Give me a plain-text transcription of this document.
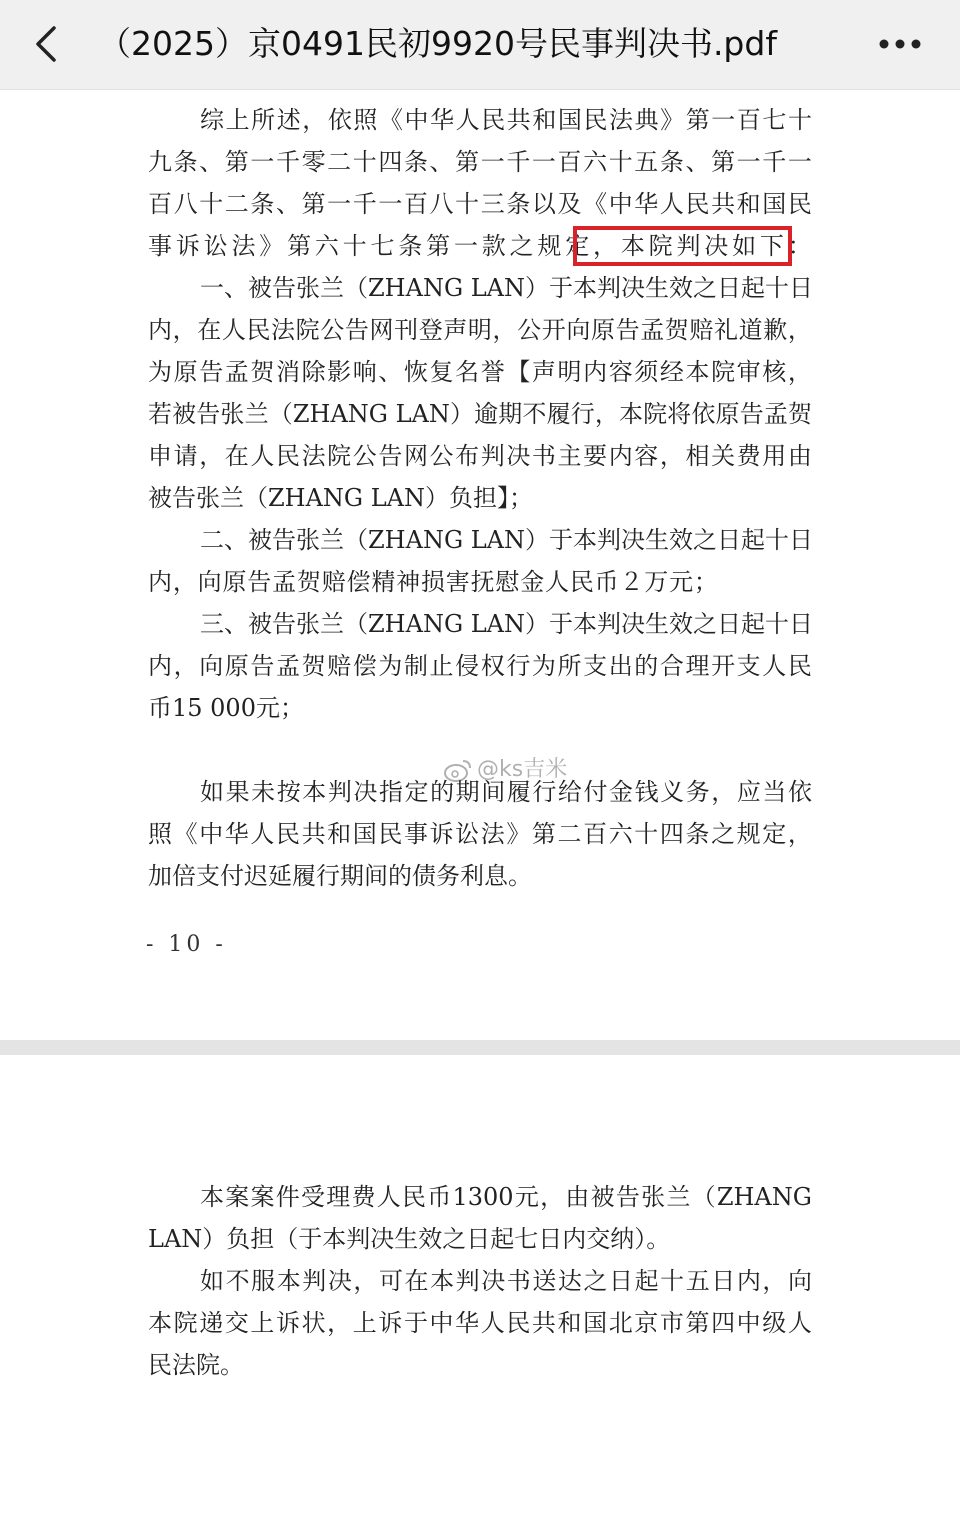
（2025）京0491民初9920号民事判决书.pdf
综 上 所 述 ， 依 照 《 中 华 人 民 共 和 国 民 法 典 》 第 一 百 七 十
九 条 、 第 一 千 零 二 十 四 条 、 第 一 千 一 百 六 十 五 条 、 第 一 千 一
百 八 十 二 条 、 第 一 千 一 百 八 十 三 条 以 及 《 中 华 人 民 共 和 国 民
事 诉 讼 法 》 第 六 十 七 条 第 一 款 之 规 定 ， 本 院 判 决 如 下 ：
一 、 被 告 张 兰 （ ZHANG LAN ） 于 本 判 决 生 效 之 日 起 十 日
内 ， 在 人 民 法 院 公 告 网 刊 登 声 明 ， 公 开 向 原 告 孟 贺 赔 礼 道 歉 ，
为 原 告 孟 贺 消 除 影 响 、 恢 复 名 誉 【 声 明 内 容 须 经 本 院 审 核 ，
若 被 告 张 兰 （ ZHANG LAN ） 逾 期 不 履 行 ， 本 院 将 依 原 告 孟 贺
申 请 ， 在 人 民 法 院 公 告 网 公 布 判 决 书 主 要 内 容 ， 相 关 费 用 由
被告张兰（ZHANG LAN）负担】；
二 、 被 告 张 兰 （ ZHANG LAN ） 于 本 判 决 生 效 之 日 起 十 日
内 ， 向 原 告 孟 贺 赔 偿 精 神 损 害 抚 慰 金 人 民 币 ２ 万 元 ；
三 、 被 告 张 兰 （ ZHANG LAN ） 于 本 判 决 生 效 之 日 起 十 日
内 ， 向 原 告 孟 贺 赔 偿 为 制 止 侵 权 行 为 所 支 出 的 合 理 开 支 人 民
币15 000元；
@ks吉米
如 果 未 按 本 判 决 指 定 的 期 间 履 行 给 付 金 钱 义 务 ， 应 当 依
照 《 中 华 人 民 共 和 国 民 事 诉 讼 法 》 第 二 百 六 十 四 条 之 规 定 ，
加倍支付迟延履行期间的债务利息。
- 10 -
本 案 案 件 受 理 费 人 民 币 1300 元 ， 由 被 告 张 兰 （ ZHANG
LAN）负担（于本判决生效之日起七日内交纳）。
如 不 服 本 判 决 ， 可 在 本 判 决 书 送 达 之 日 起 十 五 日 内 ， 向
本 院 递 交 上 诉 状 ， 上 诉 于 中 华 人 民 共 和 国 北 京 市 第 四 中 级 人
民法院。
